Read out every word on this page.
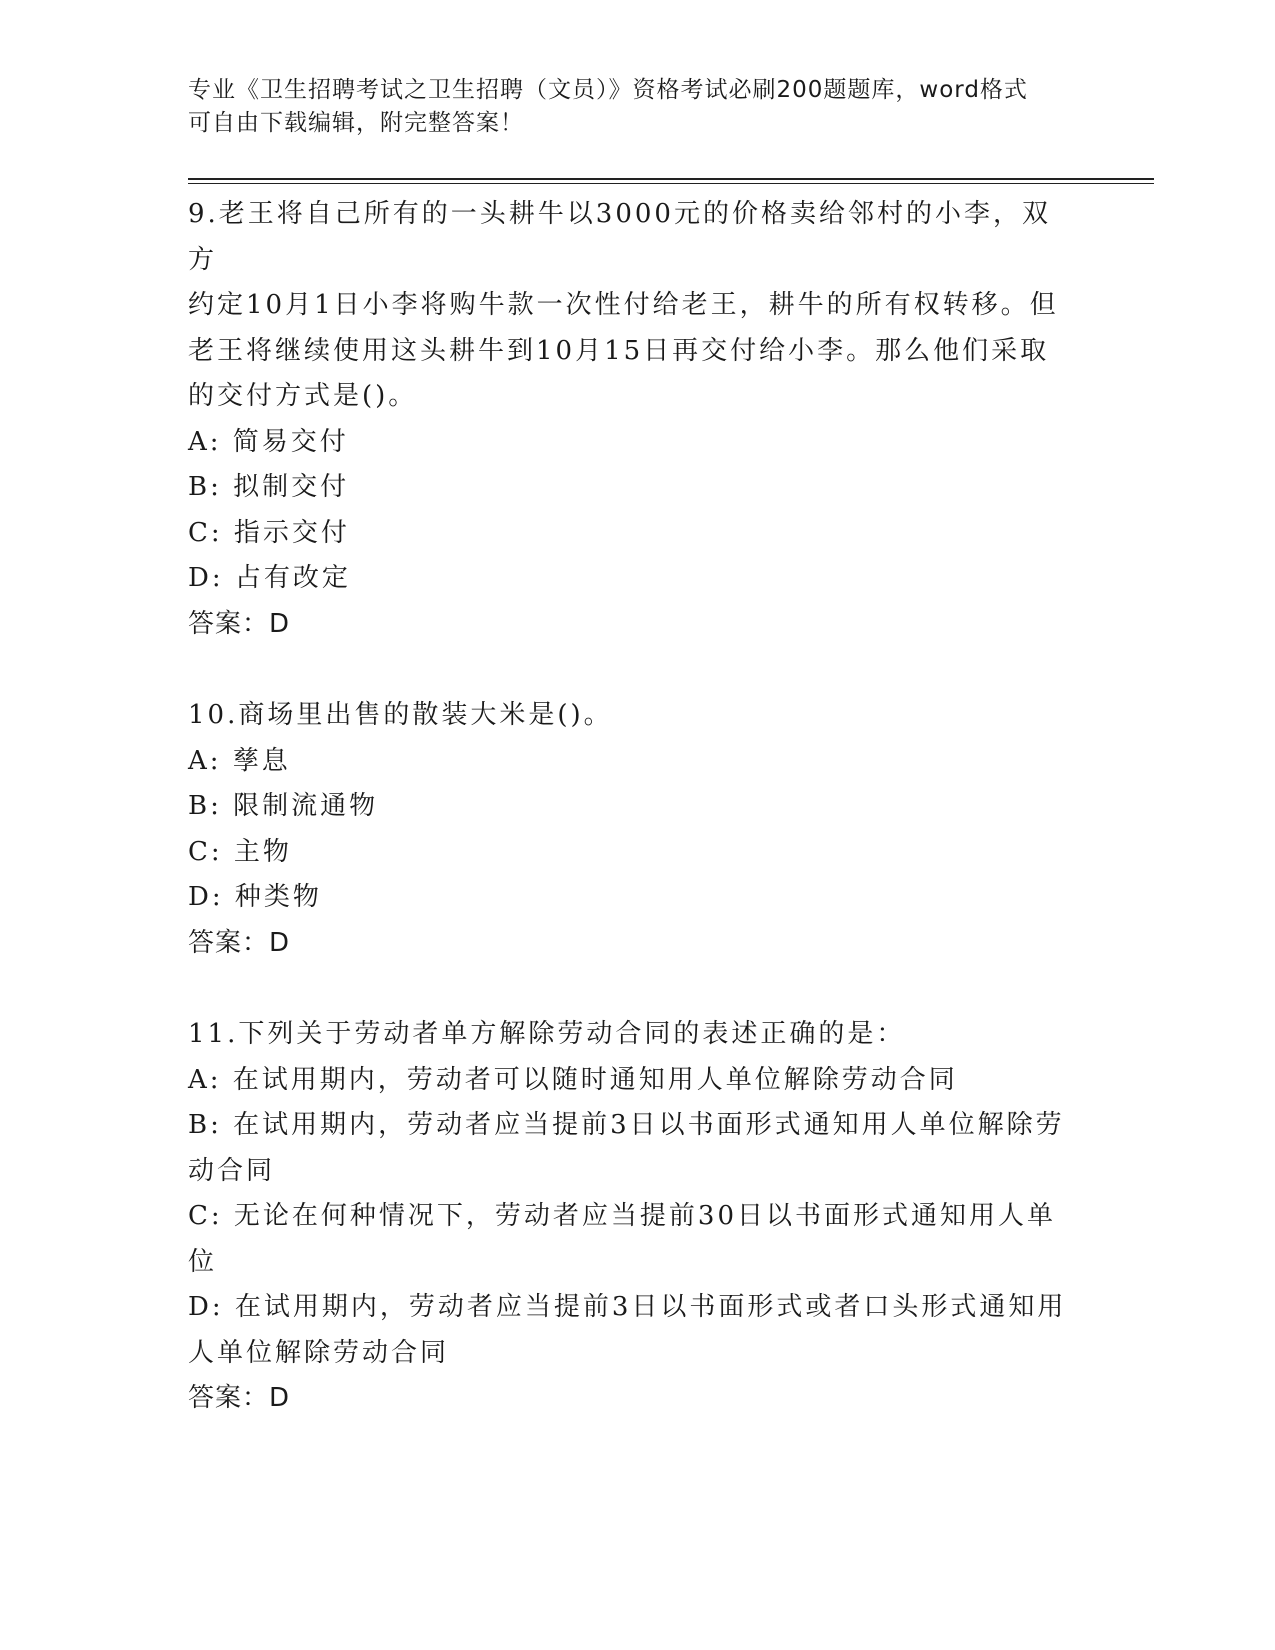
专业《卫生招聘考试之卫生招聘（文员）》资格考试必刷200题题库，word格式
可自由下载编辑，附完整答案！
9.老王将自己所有的一头耕牛以3000元的价格卖给邻村的小李，双方
约定10月1日小李将购牛款一次性付给老王，耕牛的所有权转移。但
老王将继续使用这头耕牛到10月15日再交付给小李。那么他们采取
的交付方式是()。
A: 简易交付
B: 拟制交付
C: 指示交付
D: 占有改定
答案：D
10.商场里出售的散装大米是()。
A: 孳息
B: 限制流通物
C: 主物
D: 种类物
答案：D
11.下列关于劳动者单方解除劳动合同的表述正确的是：
A: 在试用期内，劳动者可以随时通知用人单位解除劳动合同
B: 在试用期内，劳动者应当提前3日以书面形式通知用人单位解除劳
动合同
C: 无论在何种情况下，劳动者应当提前30日以书面形式通知用人单
位
D: 在试用期内，劳动者应当提前3日以书面形式或者口头形式通知用
人单位解除劳动合同
答案：D
